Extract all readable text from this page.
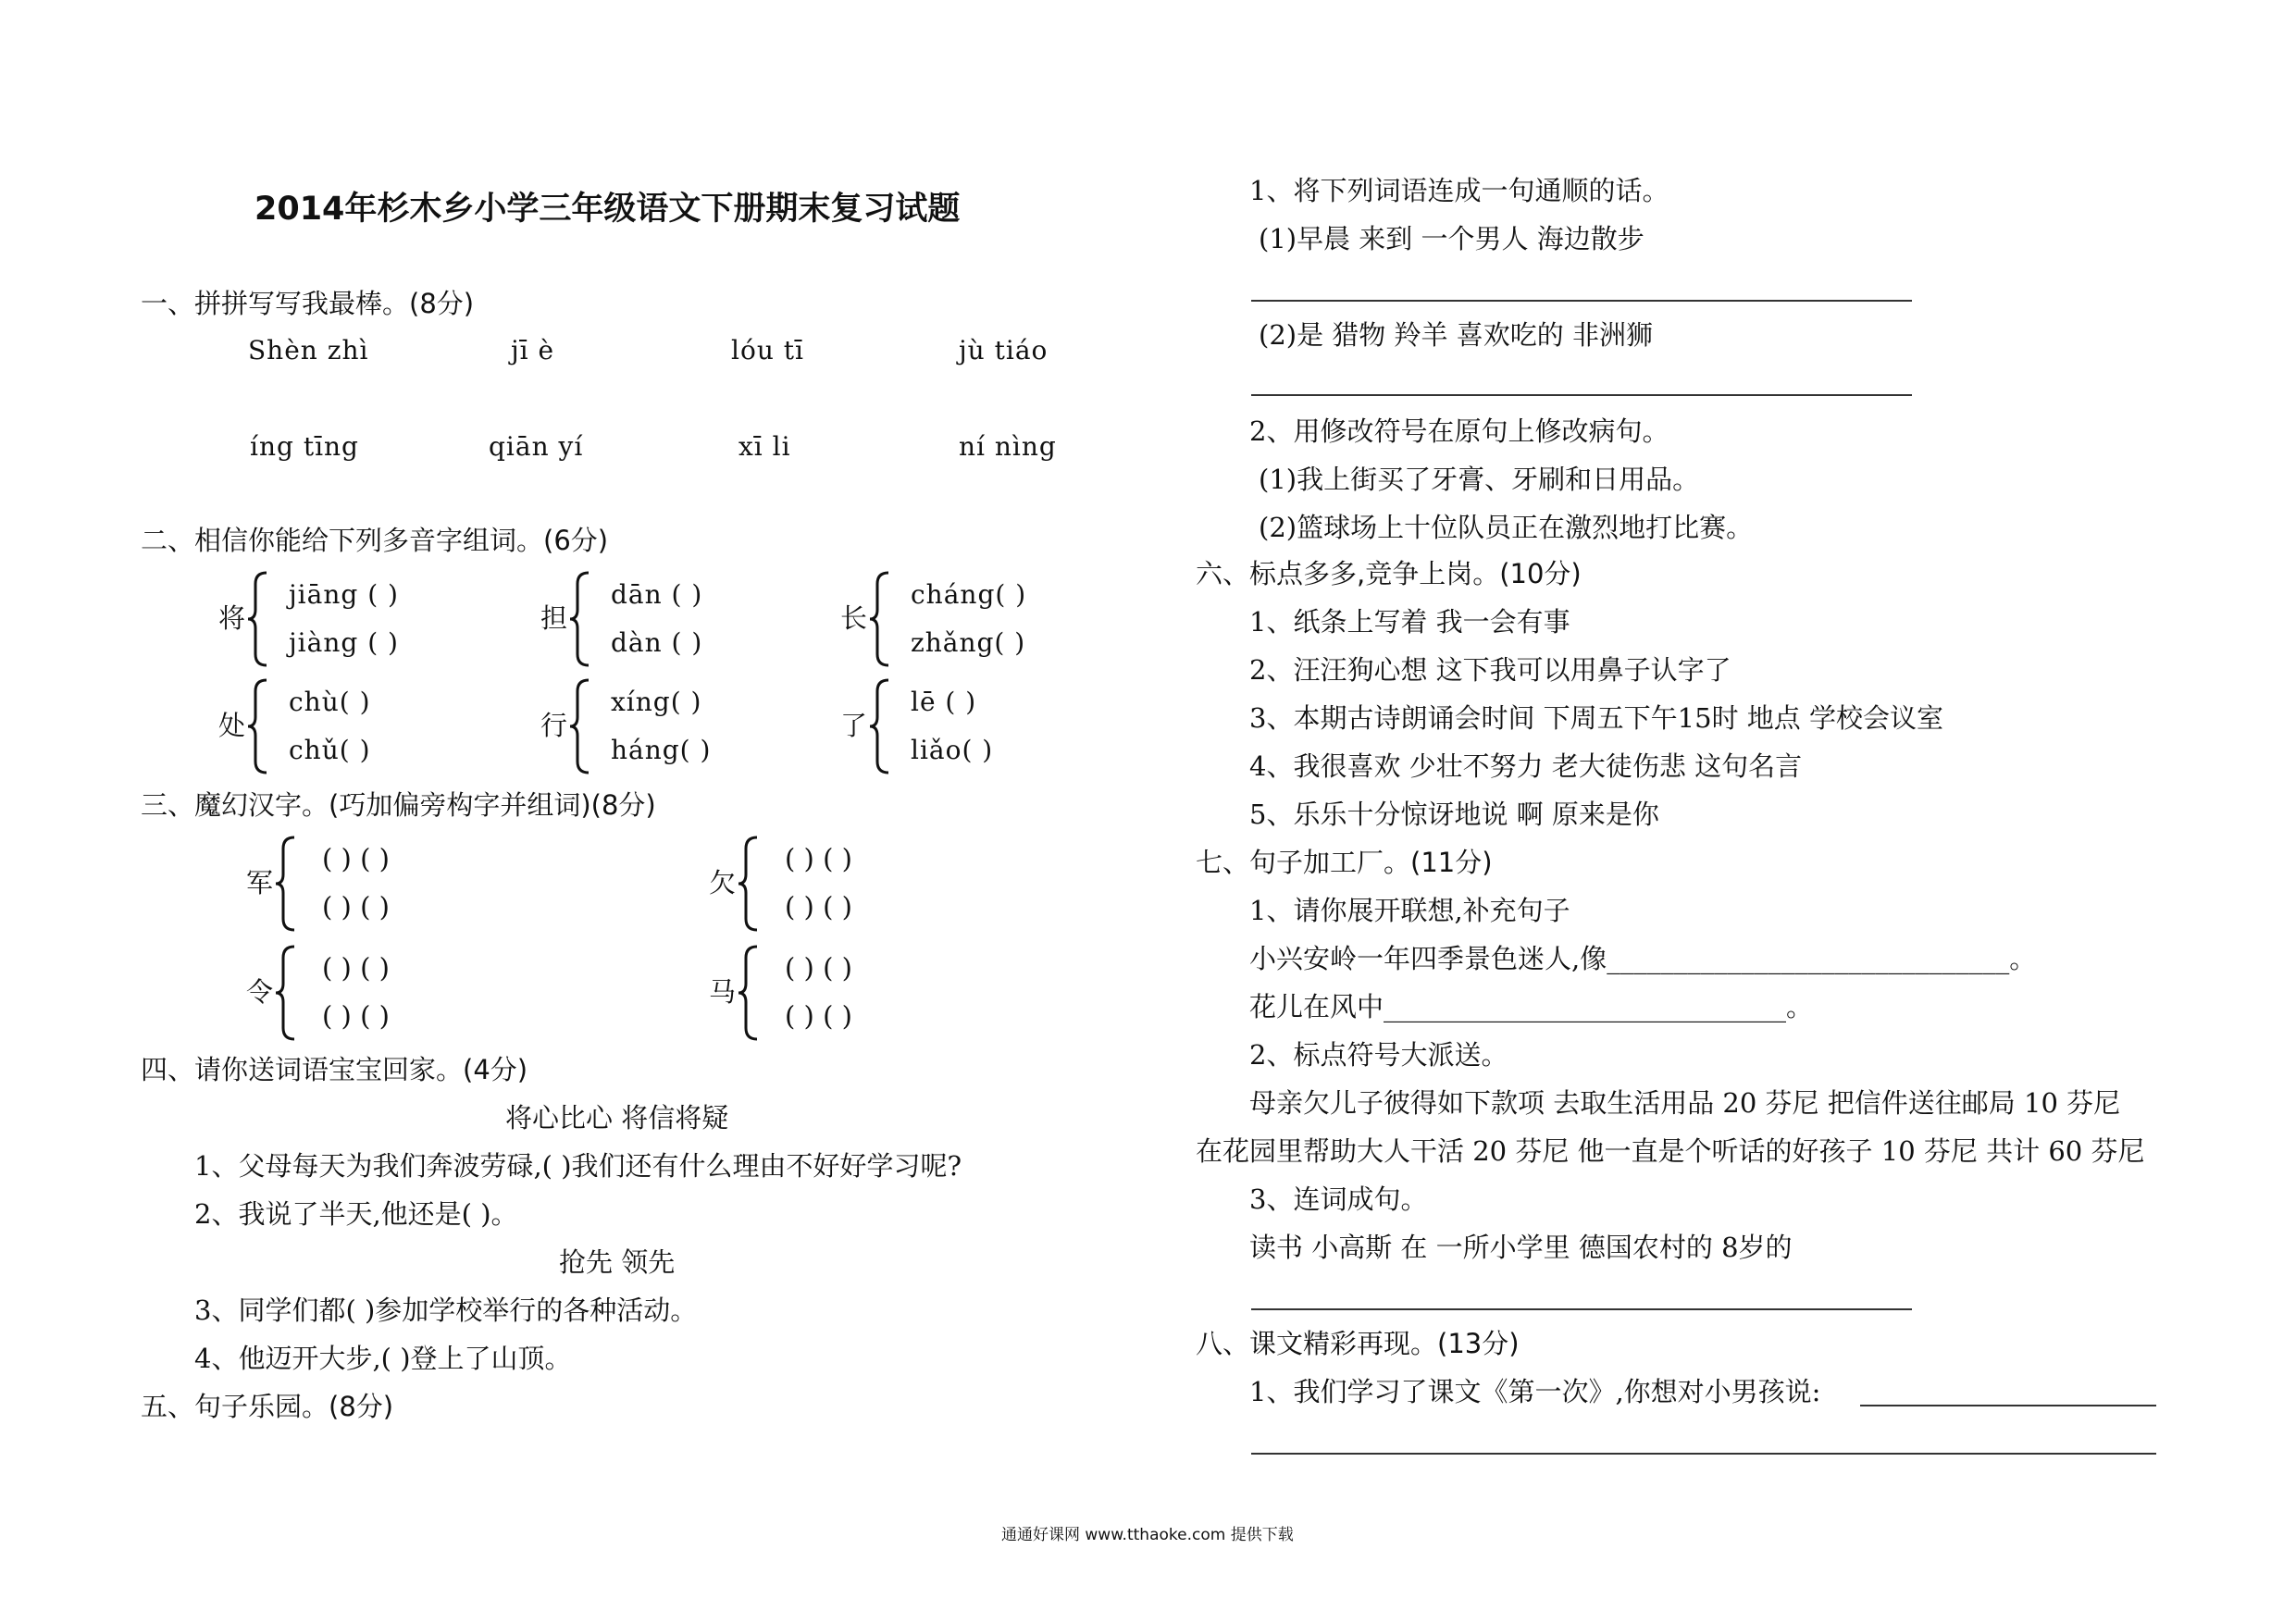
2014年杉木乡小学三年级语文下册期末复习试题
一、拼拼写写我最棒。(8分)
Shèn zhì	jī è	lóu tī	jù tiáo
íng tīng	qiān yí	xī li	ní nìng
二、相信你能给下列多音字组词。(6分)
将
jiāng ( )
jiàng ( )
担
dān ( )
dàn ( )
长
cháng( )
zhǎng( )
处
chù( )
chǔ( )
行
xíng( )
háng( )
了
lē ( )
liǎo( )
三、魔幻汉字。(巧加偏旁构字并组词)(8分)
军
( ) ( )
( ) ( )
欠
( ) ( )
( ) ( )
令
( ) ( )
( ) ( )
马
( ) ( )
( ) ( )
四、请你送词语宝宝回家。(4分)
将心比心 将信将疑
1、父母每天为我们奔波劳碌,( )我们还有什么理由不好好学习呢?
2、我说了半天,他还是( )。
抢先 领先
3、同学们都( )参加学校举行的各种活动。
4、他迈开大步,( )登上了山顶。
五、句子乐园。(8分)
1、将下列词语连成一句通顺的话。
(1)早晨 来到 一个男人 海边散步
(2)是 猎物 羚羊 喜欢吃的 非洲狮
2、用修改符号在原句上修改病句。
(1)我上街买了牙膏、牙刷和日用品。
(2)篮球场上十位队员正在激烈地打比赛。
六、标点多多,竞争上岗。(10分)
1、纸条上写着 我一会有事
2、汪汪狗心想 这下我可以用鼻子认字了
3、本期古诗朗诵会时间 下周五下午15时 地点 学校会议室
4、我很喜欢 少壮不努力 老大徒伤悲 这句名言
5、乐乐十分惊讶地说 啊 原来是你
七、句子加工厂。(11分)
1、请你展开联想,补充句子
小兴安岭一年四季景色迷人,像______________________________。
花儿在风中______________________________。
2、标点符号大派送。
母亲欠儿子彼得如下款项 去取生活用品 20 芬尼 把信件送往邮局 10 芬尼
在花园里帮助大人干活 20 芬尼 他一直是个听话的好孩子 10 芬尼 共计 60 芬尼
3、连词成句。
读书 小高斯 在 一所小学里 德国农村的 8岁的
八、课文精彩再现。(13分)
1、我们学习了课文《第一次》,你想对小男孩说:
通通好课网 www.tthaoke.com 提供下载
